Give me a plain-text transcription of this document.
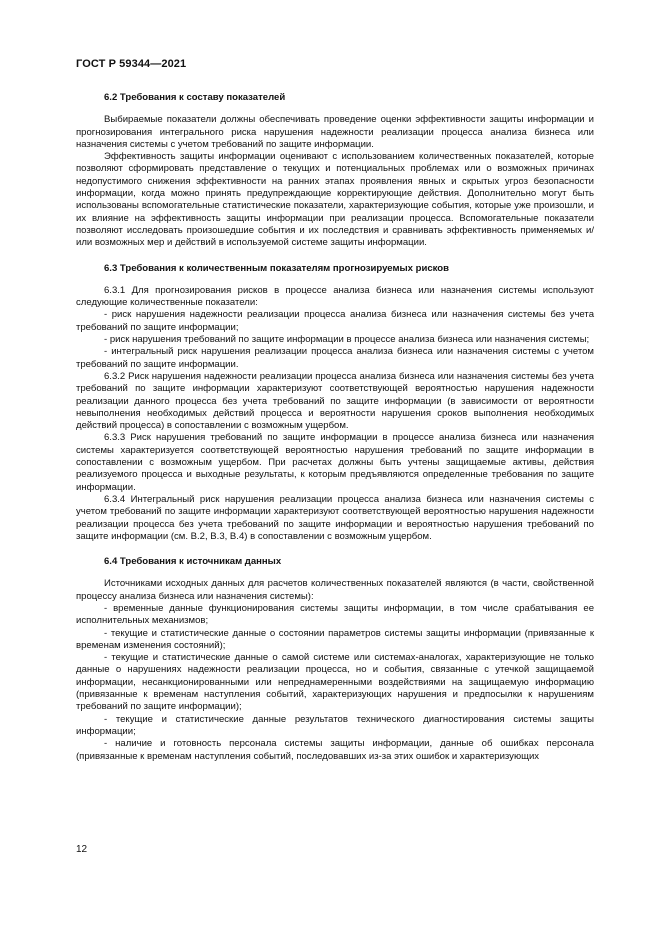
ГОСТ Р 59344—2021
6.2 Требования к составу показателей

Выбираемые показатели должны обеспечивать проведение оценки эффективности защиты информации и прогнозирования интегрального риска нарушения надежности реализации процесса анализа бизнеса или назначения системы с учетом требований по защите информации.

Эффективность защиты информации оценивают с использованием количественных показателей, которые позволяют сформировать представление о текущих и потенциальных проблемах или о возможных причинах недопустимого снижения эффективности на ранних этапах проявления явных и скрытых угроз безопасности информации, когда можно принять предупреждающие корректирующие действия. Дополнительно могут быть использованы вспомогательные статистические показатели, характеризующие события, которые уже произошли, и их влияние на эффективность защиты информации при реализации процесса. Вспомогательные показатели позволяют исследовать произошедшие события и их последствия и сравнивать эффективность применяемых и/или возможных мер и действий в используемой системе защиты информации.

6.3 Требования к количественным показателям прогнозируемых рисков

6.3.1 Для прогнозирования рисков в процессе анализа бизнеса или назначения системы используют следующие количественные показатели:

- риск нарушения надежности реализации процесса анализа бизнеса или назначения системы без учета требований по защите информации;

- риск нарушения требований по защите информации в процессе анализа бизнеса или назначения системы;

- интегральный риск нарушения реализации процесса анализа бизнеса или назначения системы с учетом требований по защите информации.

6.3.2 Риск нарушения надежности реализации процесса анализа бизнеса или назначения системы без учета требований по защите информации характеризуют соответствующей вероятностью нарушения надежности реализации данного процесса без учета требований по защите информации (в зависимости от вероятности невыполнения необходимых действий процесса и вероятности нарушения сроков выполнения необходимых действий процесса) в сопоставлении с возможным ущербом.

6.3.3 Риск нарушения требований по защите информации в процессе анализа бизнеса или назначения системы характеризуется соответствующей вероятностью нарушения требований по защите информации в сопоставлении с возможным ущербом. При расчетах должны быть учтены защищаемые активы, действия реализуемого процесса и выходные результаты, к которым предъявляются определенные требования по защите информации.

6.3.4 Интегральный риск нарушения реализации процесса анализа бизнеса или назначения системы с учетом требований по защите информации характеризуют соответствующей вероятностью нарушения надежности реализации процесса без учета требований по защите информации и вероятностью нарушения требований по защите информации (см. В.2, В.3, В.4) в сопоставлении с возможным ущербом.

6.4 Требования к источникам данных

Источниками исходных данных для расчетов количественных показателей являются (в части, свойственной процессу анализа бизнеса или назначения системы):

- временные данные функционирования системы защиты информации, в том числе срабатывания ее исполнительных механизмов;

- текущие и статистические данные о состоянии параметров системы защиты информации (привязанные к временам изменения состояний);

- текущие и статистические данные о самой системе или системах-аналогах, характеризующие не только данные о нарушениях надежности реализации процесса, но и события, связанные с утечкой защищаемой информации, несанкционированными или непреднамеренными воздействиями на защищаемую информацию (привязанные к временам наступления событий, характеризующих нарушения и предпосылки к нарушениям требований по защите информации);

- текущие и статистические данные результатов технического диагностирования системы защиты информации;

- наличие и готовность персонала системы защиты информации, данные об ошибках персонала (привязанные к временам наступления событий, последовавших из-за этих ошибок и характеризующих

12
